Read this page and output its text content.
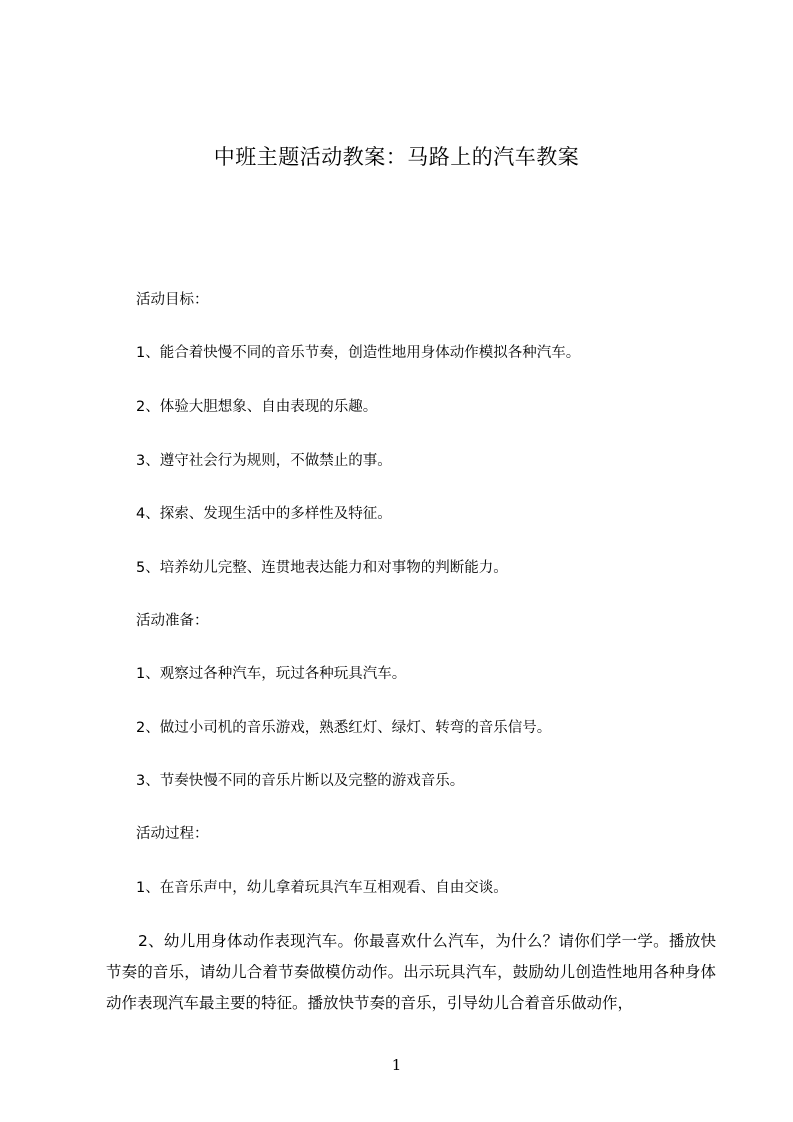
中班主题活动教案：马路上的汽车教案
活动目标：
1、能合着快慢不同的音乐节奏，创造性地用身体动作模拟各种汽车。
2、体验大胆想象、自由表现的乐趣。
3、遵守社会行为规则，不做禁止的事。
4、探索、发现生活中的多样性及特征。
5、培养幼儿完整、连贯地表达能力和对事物的判断能力。
活动准备：
1、观察过各种汽车，玩过各种玩具汽车。
2、做过小司机的音乐游戏，熟悉红灯、绿灯、转弯的音乐信号。
3、节奏快慢不同的音乐片断以及完整的游戏音乐。
活动过程：
1、在音乐声中，幼儿拿着玩具汽车互相观看、自由交谈。
2、幼儿用身体动作表现汽车。你最喜欢什么汽车，为什么？请你们学一学。播放快节奏的音乐，请幼儿合着节奏做模仿动作。出示玩具汽车，鼓励幼儿创造性地用各种身体动作表现汽车最主要的特征。播放快节奏的音乐，引导幼儿合着音乐做动作，
1
